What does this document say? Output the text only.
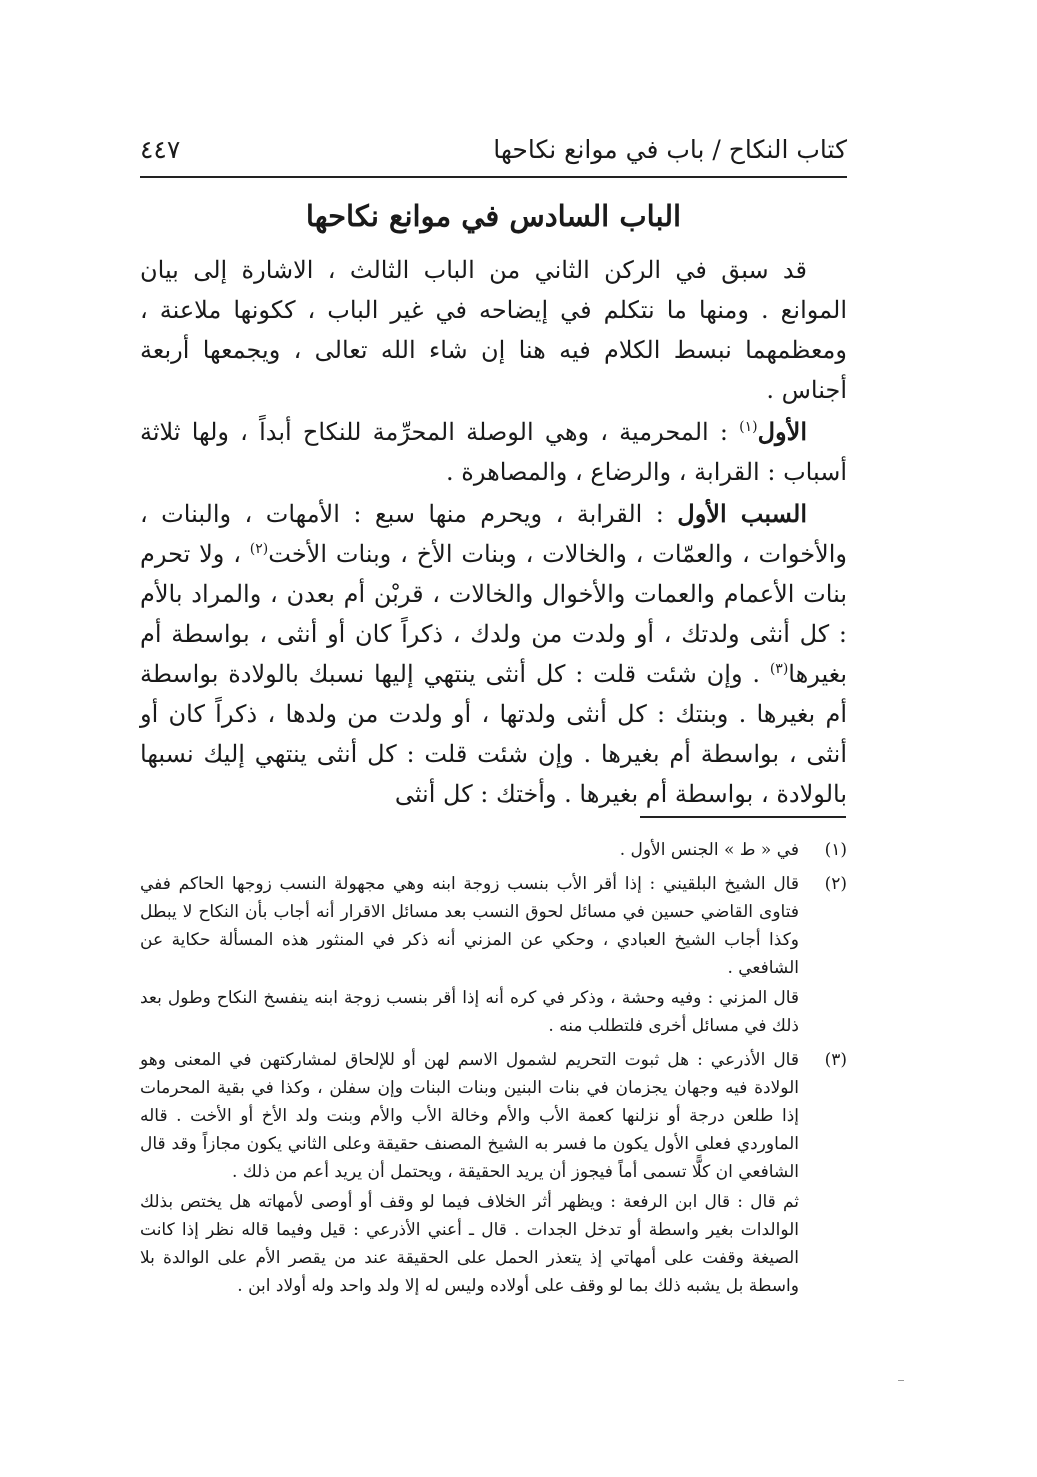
كتاب النكاح / باب في موانع نكاحها
٤٤٧
الباب السادس في موانع نكاحها

قد سبق في الركن الثاني من الباب الثالث ، الاشارة إلى بيان الموانع . ومنها ما نتكلم في إيضاحه في غير الباب ، ككونها ملاعنة ، ومعظمهما نبسط الكلام فيه هنا إن شاء الله تعالى ، ويجمعها أربعة أجناس .

الأول$^{(١)}$ : المحرمية ، وهي الوصلة المحرِّمة للنكاح أبداً ، ولها ثلاثة أسباب : القرابة ، والرضاع ، والمصاهرة .

السبب الأول : القرابة ، ويحرم منها سبع : الأمهات ، والبنات ، والأخوات ، والعمّات ، والخالات ، وبنات الأخ ، وبنات الأخت$^{(٢)}$ ، ولا تحرم بنات الأعمام والعمات والأخوال والخالات ، قربْن أم بعدن ، والمراد بالأم : كل أنثى ولدتك ، أو ولدت من ولدك ، ذكراً كان أو أنثى ، بواسطة أم بغيرها$^{(٣)}$ . وإن شئت قلت : كل أنثى ينتهي إليها نسبك بالولادة بواسطة أم بغيرها . وبنتك : كل أنثى ولدتها ، أو ولدت من ولدها ، ذكراً كان أو أنثى ، بواسطة أم بغيرها . وإن شئت قلت : كل أنثى ينتهي إليك نسبها بالولادة ، بواسطة أم بغيرها . وأختك : كل أنثى

(١)
في « ط » الجنس الأول .
(٢)
قال الشيخ البلقيني : إذا أقر الأب بنسب زوجة ابنه وهي مجهولة النسب زوجها الحاكم ففي فتاوى القاضي حسين في مسائل لحوق النسب بعد مسائل الاقرار أنه أجاب بأن النكاح لا يبطل وكذا أجاب الشيخ العبادي ، وحكي عن المزني أنه ذكر في المنثور هذه المسألة حكاية عن الشافعي .
قال المزني : وفيه وحشة ، وذكر في كره أنه إذا أقر بنسب زوجة ابنه ينفسخ النكاح وطول بعد ذلك في مسائل أخرى فلتطلب منه .
(٣)
قال الأذرعي : هل ثبوت التحريم لشمول الاسم لهن أو للإلحاق لمشاركتهن في المعنى وهو الولادة فيه وجهان يجزمان في بنات البنين وبنات البنات وإن سفلن ، وكذا في بقية المحرمات إذا طلعن درجة أو نزلنها كعمة الأب والأم وخالة الأب والأم وبنت ولد الأخ أو الأخت . قاله الماوردي فعلى الأول يكون ما فسر به الشيخ المصنف حقيقة وعلى الثاني يكون مجازاً وقد قال الشافعي ان كلًّا تسمى أماً فيجوز أن يريد الحقيقة ، ويحتمل أن يريد أعم من ذلك .
ثم قال : قال ابن الرفعة : ويظهر أثر الخلاف فيما لو وقف أو أوصى لأمهاته هل يختص بذلك الوالدات بغير واسطة أو تدخل الجدات . قال ـ أعني الأذرعي : قيل وفيما قاله نظر إذا كانت الصيغة وقفت على أمهاتي إذ يتعذر الحمل على الحقيقة عند من يقصر الأم على الوالدة بلا واسطة بل يشبه ذلك بما لو وقف على أولاده وليس له إلا ولد واحد وله أولاد ابن .
